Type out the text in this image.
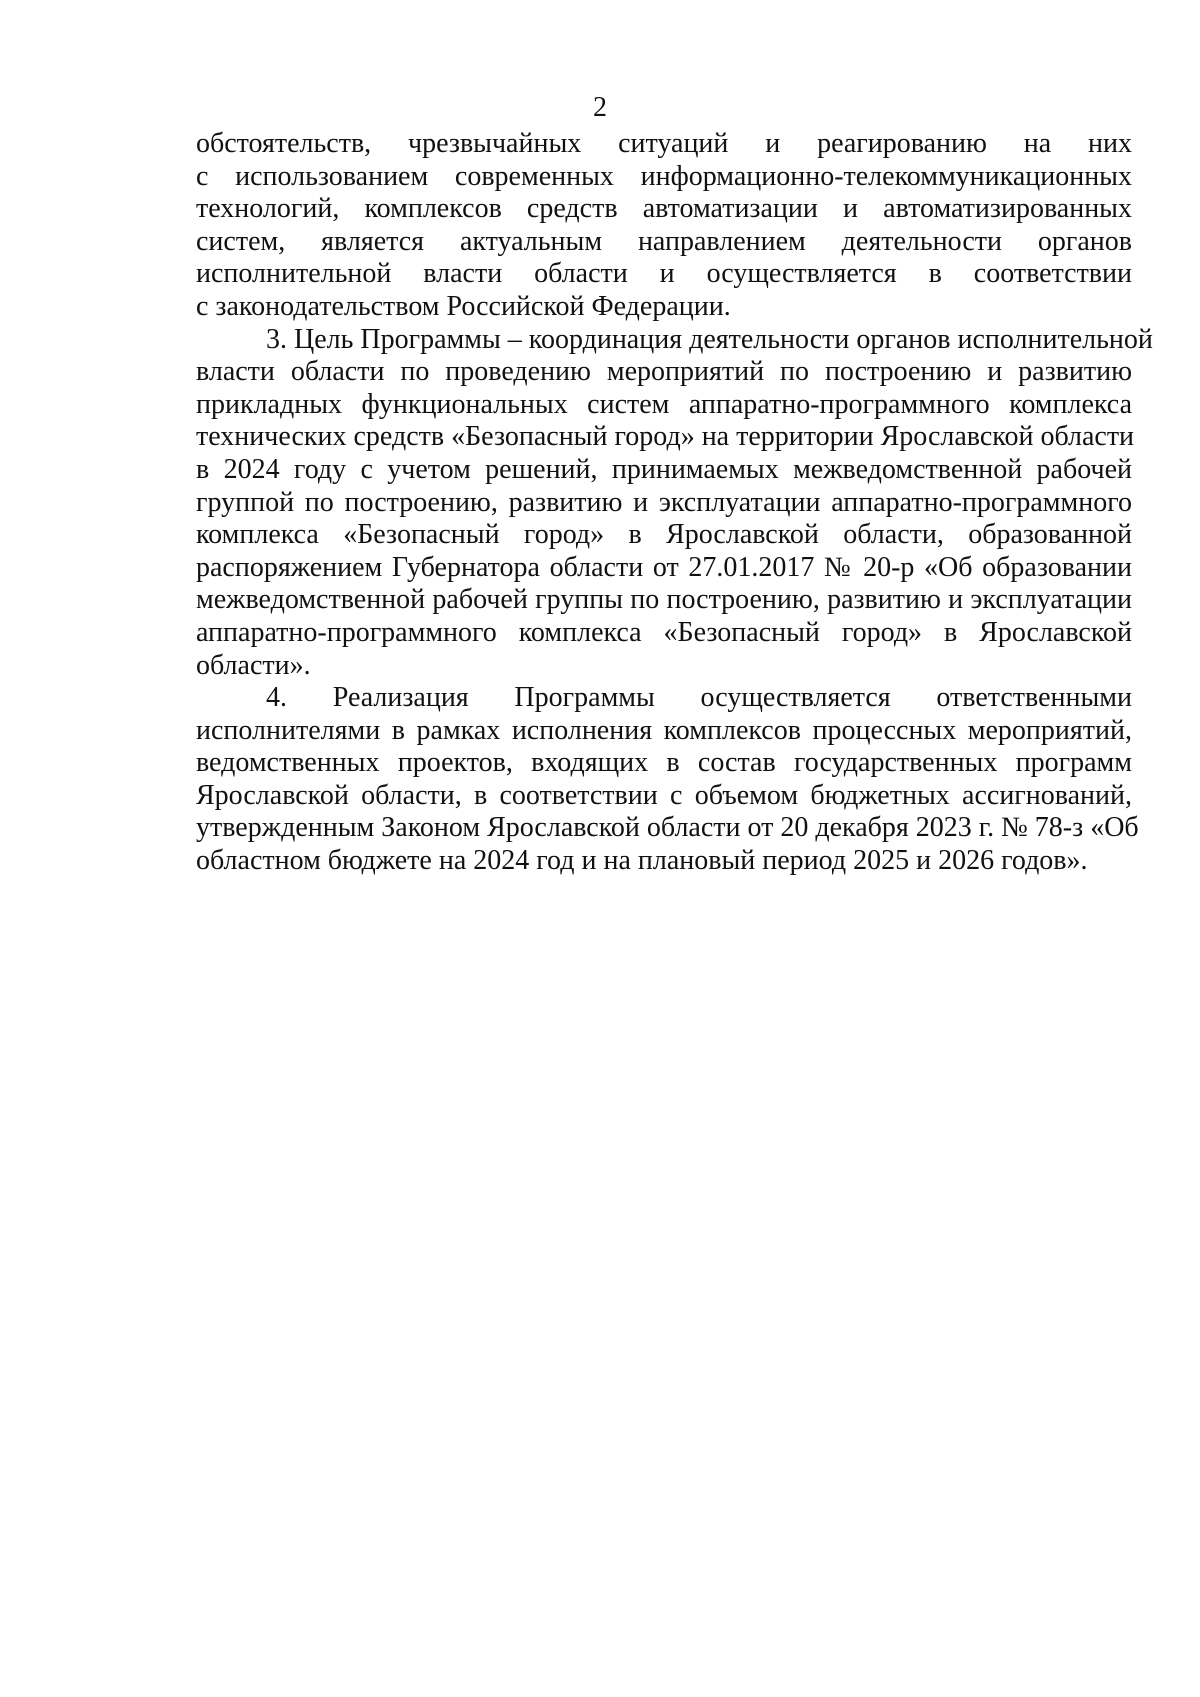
2

обстоятельств, чрезвычайных ситуаций и реагированию на них
с использованием современных информационно-телекоммуникационных
технологий, комплексов средств автоматизации и автоматизированных
систем, является актуальным направлением деятельности органов
исполнительной власти области и осуществляется в соответствии
с законодательством Российской Федерации.

3. Цель Программы – координация деятельности органов исполнительной
власти области по проведению мероприятий по построению и развитию
прикладных функциональных систем аппаратно-программного комплекса
технических средств «Безопасный город» на территории Ярославской области
в 2024 году с учетом решений, принимаемых межведомственной рабочей
группой по построению, развитию и эксплуатации аппаратно-программного
комплекса «Безопасный город» в Ярославской области, образованной
распоряжением Губернатора области от 27.01.2017 № 20-р «Об образовании
межведомственной рабочей группы по построению, развитию и эксплуатации
аппаратно-программного комплекса «Безопасный город» в Ярославской
области».

4. Реализация Программы осуществляется ответственными
исполнителями в рамках исполнения комплексов процессных мероприятий,
ведомственных проектов, входящих в состав государственных программ
Ярославской области, в соответствии с объемом бюджетных ассигнований,
утвержденным Законом Ярославской области от 20 декабря 2023 г. № 78-з «Об
областном бюджете на 2024 год и на плановый период 2025 и 2026 годов».
